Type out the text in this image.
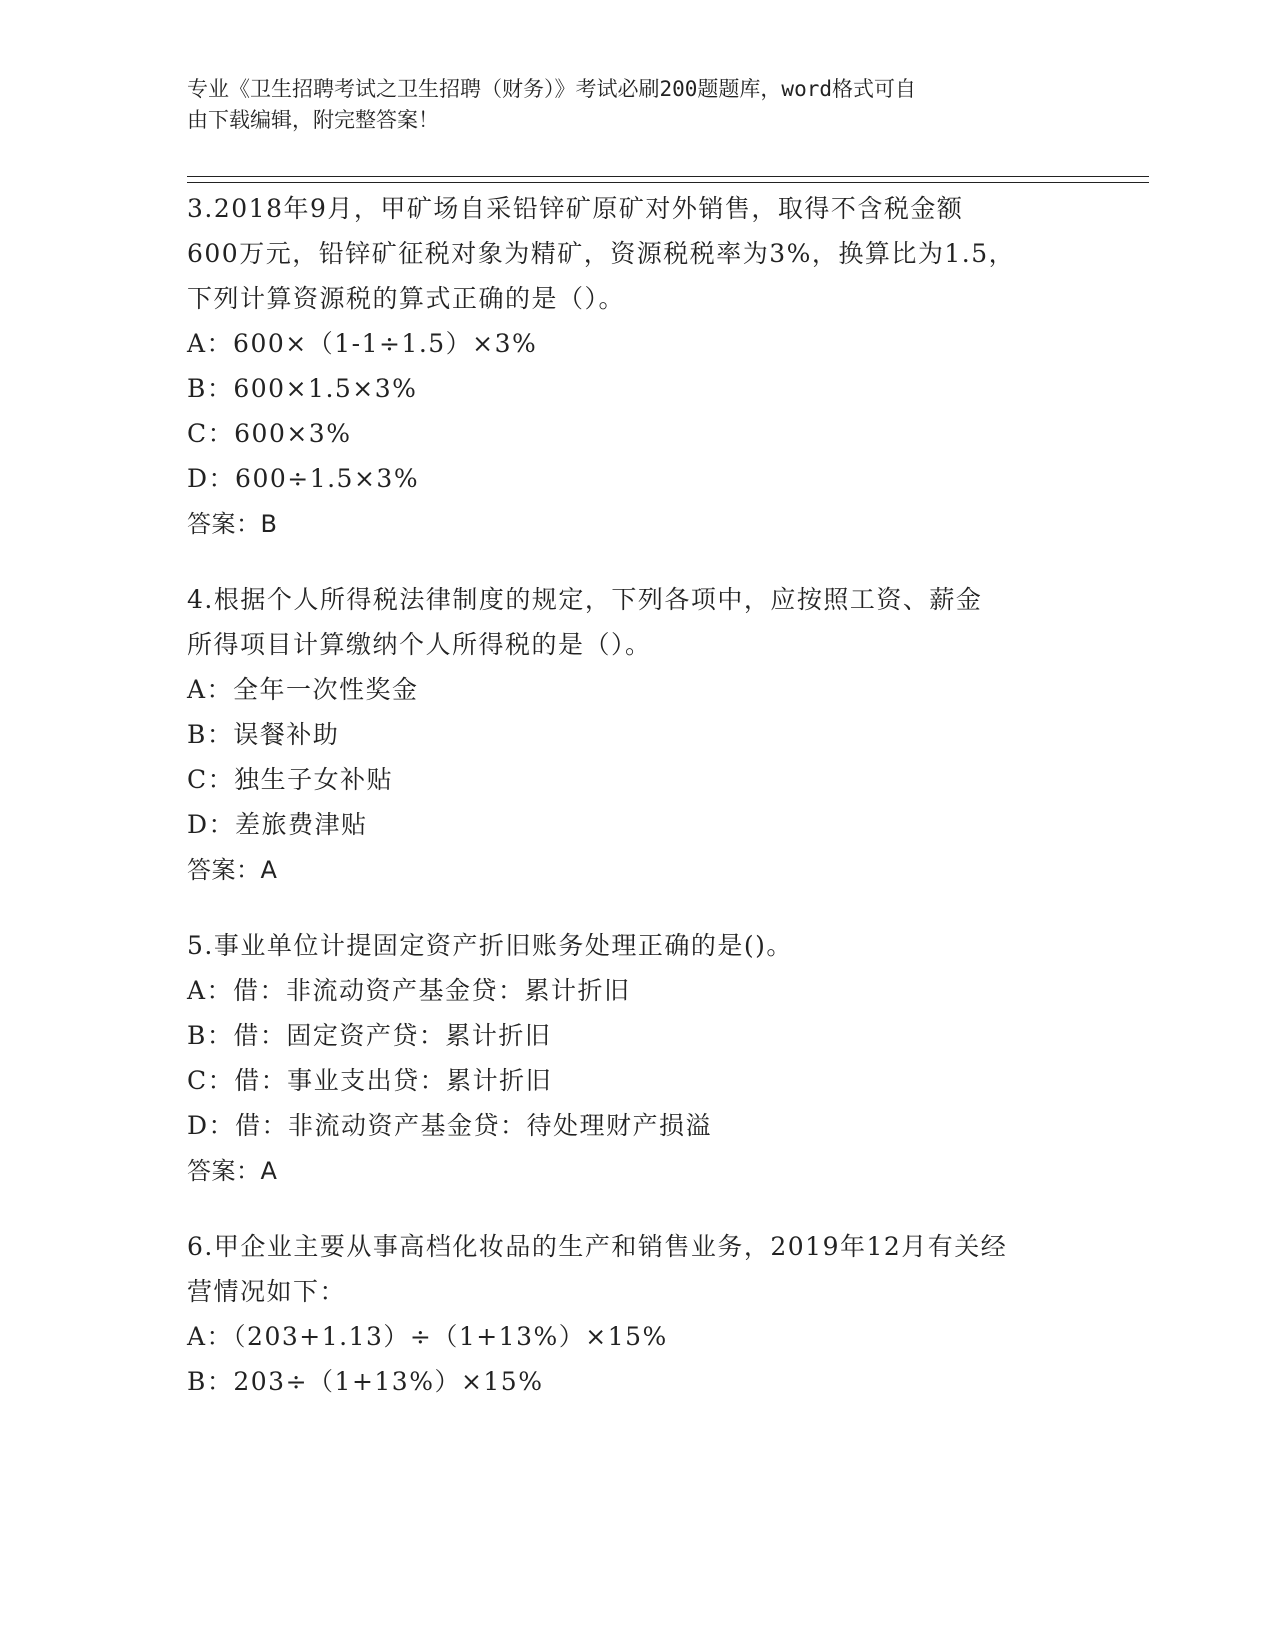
专业《卫生招聘考试之卫生招聘（财务）》考试必刷200题题库，word格式可自
由下载编辑，附完整答案！
3.2018年9月，甲矿场自采铅锌矿原矿对外销售，取得不含税金额
600万元，铅锌矿征税对象为精矿，资源税税率为3%，换算比为1.5，
下列计算资源税的算式正确的是（）。
A：600×（1-1÷1.5）×3%
B：600×1.5×3%
C：600×3%
D：600÷1.5×3%
答案：B
4.根据个人所得税法律制度的规定，下列各项中，应按照工资、薪金
所得项目计算缴纳个人所得税的是（）。
A：全年一次性奖金
B：误餐补助
C：独生子女补贴
D：差旅费津贴
答案：A
5.事业单位计提固定资产折旧账务处理正确的是()。
A：借：非流动资产基金贷：累计折旧
B：借：固定资产贷：累计折旧
C：借：事业支出贷：累计折旧
D：借：非流动资产基金贷：待处理财产损溢
答案：A
6.甲企业主要从事高档化妆品的生产和销售业务，2019年12月有关经
营情况如下：
A：（203+1.13）÷（1+13%）×15%
B：203÷（1+13%）×15%
